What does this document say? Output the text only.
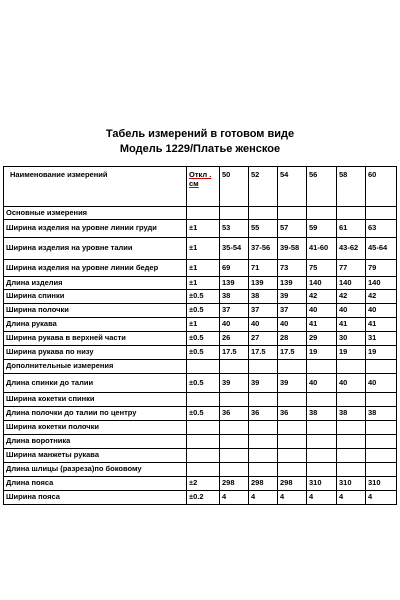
Табель измерений в готовом виде
Модель 1229/Платье женское
Наименование измерений	Откл . см	50	52	54	56	58	60
Основные измерения							
Ширина изделия на уровне линии груди	±1	53	55	57	59	61	63
Ширина изделия на уровне талии	±1	35-54	37-56	39-58	41-60	43-62	45-64
Ширина изделия на уровне линии бедер	±1	69	71	73	75	77	79
Длина изделия	±1	139	139	139	140	140	140
Ширина спинки	±0.5	38	38	39	42	42	42
Ширина полочки	±0.5	37	37	37	40	40	40
Длина рукава	±1	40	40	40	41	41	41
Ширина рукава в верхней части	±0.5	26	27	28	29	30	31
Ширина рукава по низу	±0.5	17.5	17.5	17.5	19	19	19
Дополнительные измерения							
Длина спинки до талии	±0.5	39	39	39	40	40	40
Ширина кокетки спинки							
Длина полочки до талии по центру	±0.5	36	36	36	38	38	38
Ширина кокетки полочки							
Длина воротника							
Ширина манжеты рукава							
Длина шлицы (разреза)по боковому							
Длина пояса	±2	298	298	298	310	310	310
Ширина пояса	±0.2	4	4	4	4	4	4
